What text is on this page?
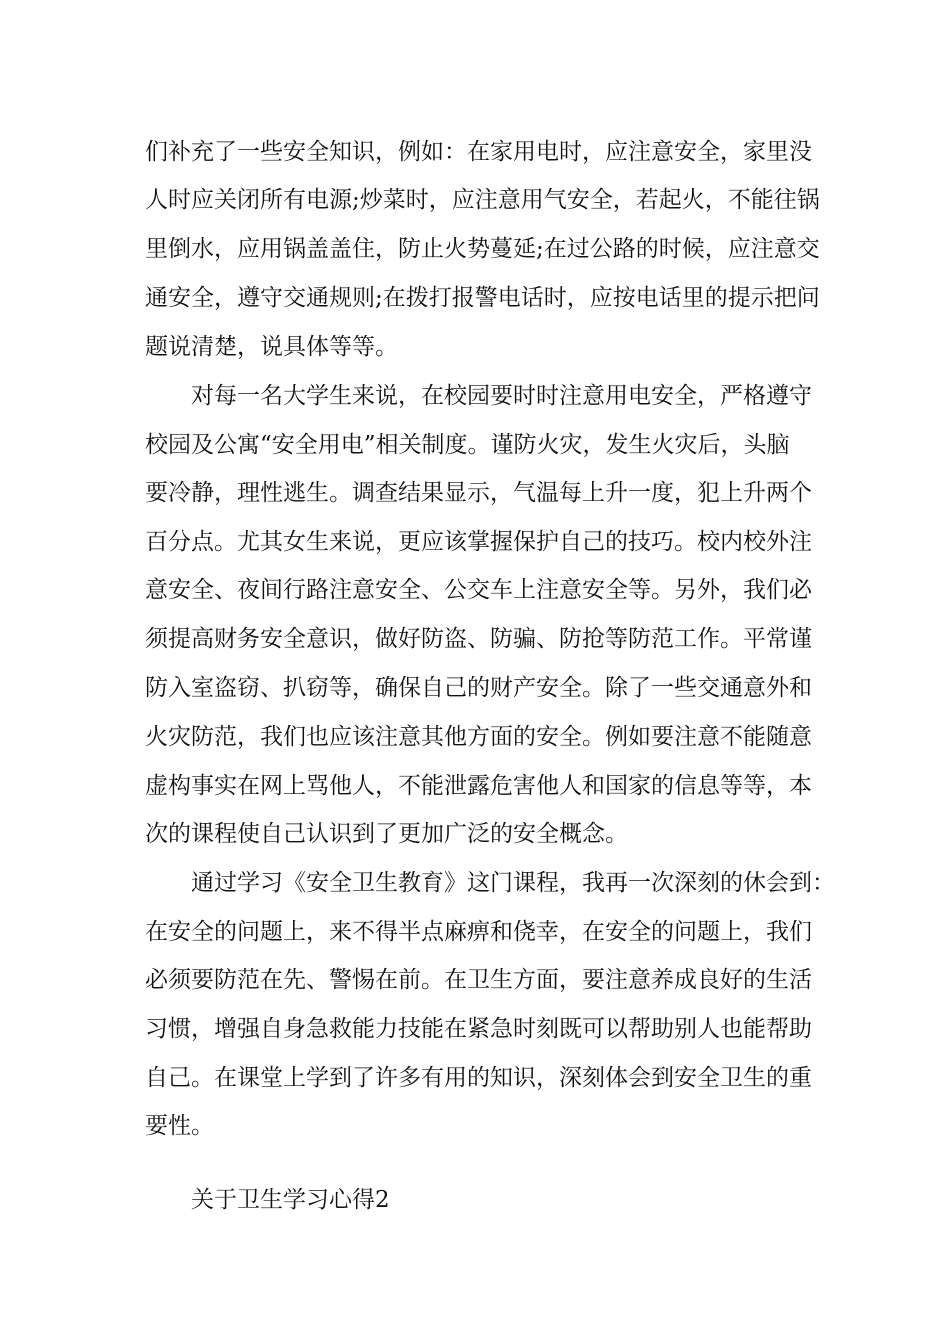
们补充了一些安全知识，例如：在家用电时，应注意安全，家里没
人时应关闭所有电源;炒菜时，应注意用气安全，若起火，不能往锅
里倒水，应用锅盖盖住，防止火势蔓延;在过公路的时候，应注意交
通安全，遵守交通规则;在拨打报警电话时，应按电话里的提示把问
题说清楚，说具体等等。
对每一名大学生来说，在校园要时时注意用电安全，严格遵守
校园及公寓“安全用电”相关制度。谨防火灾，发生火灾后，头脑
要冷静，理性逃生。调查结果显示，气温每上升一度，犯上升两个
百分点。尤其女生来说，更应该掌握保护自己的技巧。校内校外注
意安全、夜间行路注意安全、公交车上注意安全等。另外，我们必
须提高财务安全意识，做好防盗、防骗、防抢等防范工作。平常谨
防入室盗窃、扒窃等，确保自己的财产安全。除了一些交通意外和
火灾防范，我们也应该注意其他方面的安全。例如要注意不能随意
虚构事实在网上骂他人，不能泄露危害他人和国家的信息等等，本
次的课程使自己认识到了更加广泛的安全概念。
通过学习《安全卫生教育》这门课程，我再一次深刻的休会到：
在安全的问题上，来不得半点麻痹和侥幸，在安全的问题上，我们
必须要防范在先、警惕在前。在卫生方面，要注意养成良好的生活
习惯，增强自身急救能力技能在紧急时刻既可以帮助别人也能帮助
自己。在课堂上学到了许多有用的知识，深刻体会到安全卫生的重
要性。
关于卫生学习心得2
